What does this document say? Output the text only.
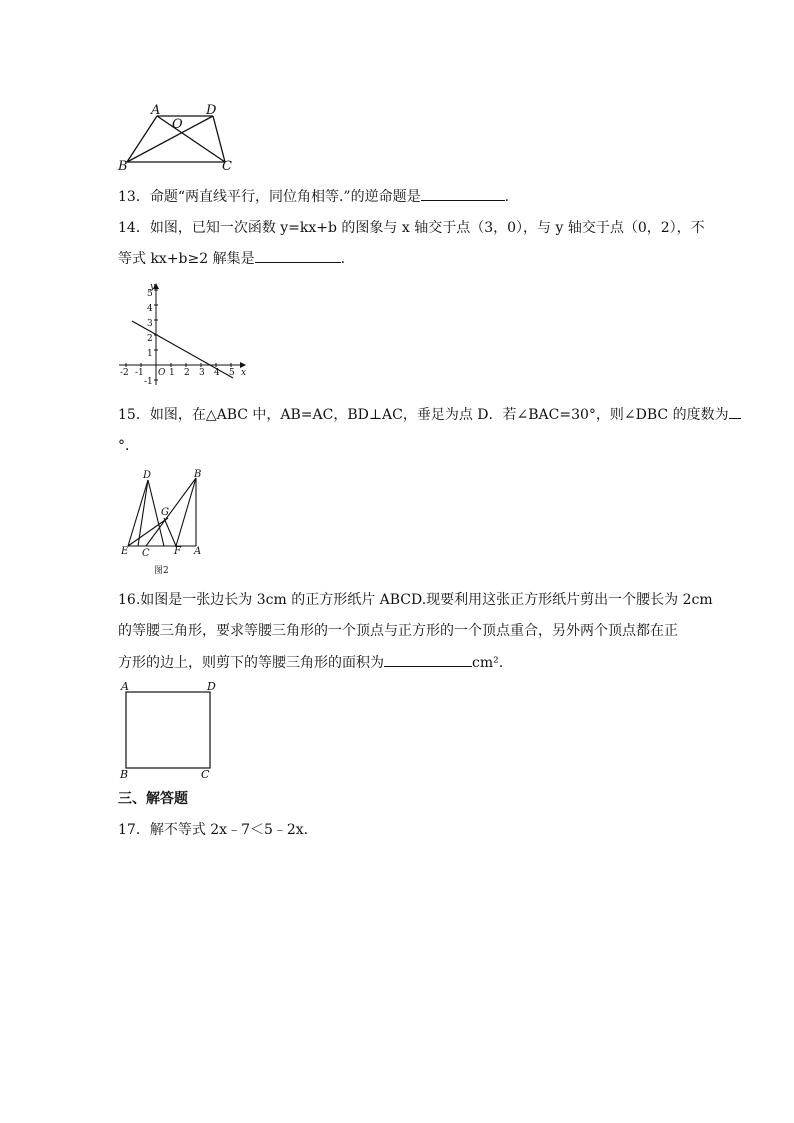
A	D
O
B	C
13．命题“两直线平行，同位角相等.”的逆命题是	.
14．如图，已知一次函数 y=kx+b 的图象与 x 轴交于点（3，0），与 y 轴交于点（0，2），不
等式 kx+b≥2 解集是	.
y
x
O
5
4
3
2
1
-1
-2 -1	1 2 3 4 5
15．如图，在△ABC 中，AB=AC，BD⊥AC，垂足为点 D．若∠BAC=30°，则∠DBC 的度数为
°．
D	B
G
E C F A
图2
16.如图是一张边长为 3cm 的正方形纸片 ABCD.现要利用这张正方形纸片剪出一个腰长为 2cm
的等腰三角形，要求等腰三角形的一个顶点与正方形的一个顶点重合，另外两个顶点都在正
方形的边上，则剪下的等腰三角形的面积为	cm².
A	D
B	C
三、解答题
17．解不等式 2x﹣7＜5﹣2x．
